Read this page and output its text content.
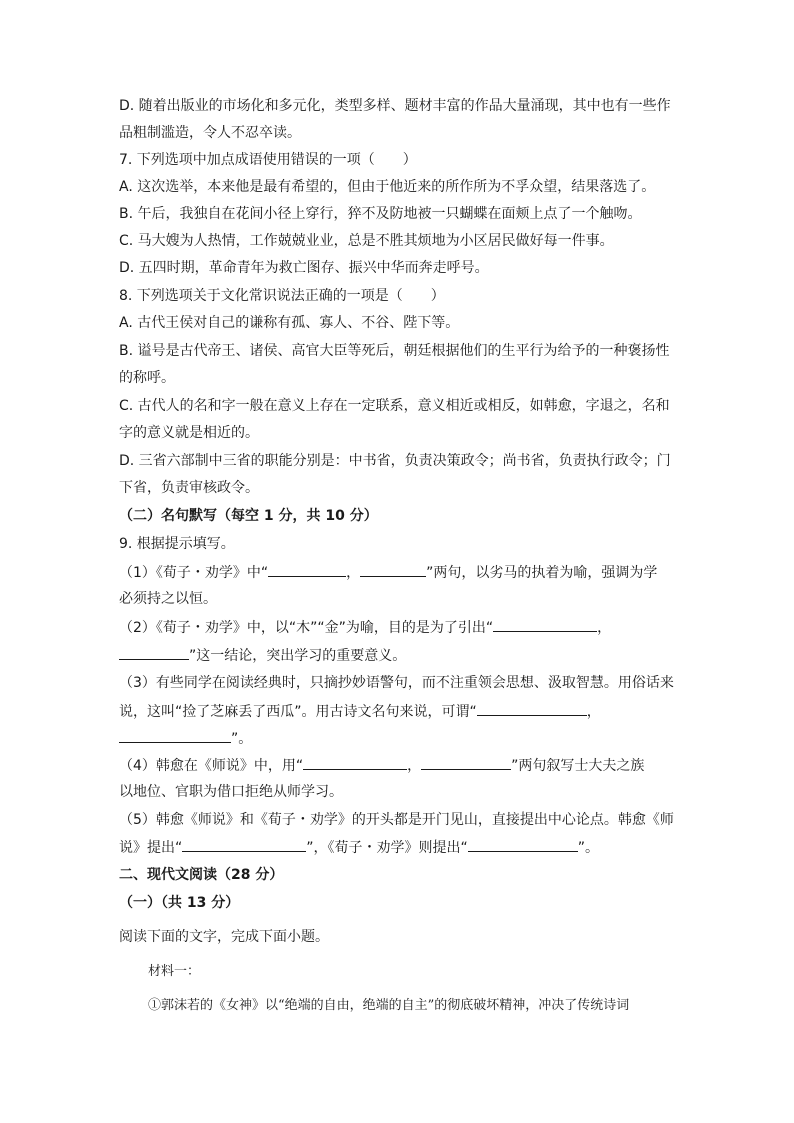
D. 随着出版业的市场化和多元化，类型多样、题材丰富的作品大量涌现，其中也有一些作
品粗制滥造，令人不忍卒读。
7. 下列选项中加点成语使用错误的一项（　　）
A. 这次选举，本来他是最有希望的，但由于他近来的所作所为不孚众望，结果落选了。
B. 午后，我独自在花间小径上穿行，猝不及防地被一只蝴蝶在面颊上点了一个触吻。
C. 马大嫂为人热情，工作兢兢业业，总是不胜其烦地为小区居民做好每一件事。
D. 五四时期，革命青年为救亡图存、振兴中华而奔走呼号。
8. 下列选项关于文化常识说法正确的一项是（　　）
A. 古代王侯对自己的谦称有孤、寡人、不谷、陛下等。
B. 谥号是古代帝王、诸侯、高官大臣等死后，朝廷根据他们的生平行为给予的一种褒扬性
的称呼。
C. 古代人的名和字一般在意义上存在一定联系，意义相近或相反，如韩愈，字退之，名和
字的意义就是相近的。
D. 三省六部制中三省的职能分别是：中书省，负责决策政令；尚书省，负责执行政令；门
下省，负责审核政令。
（二）名句默写（每空 1 分，共 10 分）
9. 根据提示填写。
（1）《荀子・劝学》中“	，	”两句，以劣马的执着为喻，强调为学
必须持之以恒。
（2）《荀子・劝学》中，以“木”“金”为喻，目的是为了引出“	，
”这一结论，突出学习的重要意义。
（3）有些同学在阅读经典时，只摘抄妙语警句，而不注重领会思想、汲取智慧。用俗话来
说，这叫“捡了芝麻丢了西瓜”。用古诗文名句来说，可谓“	，
”。
（4）韩愈在《师说》中，用“	，	”两句叙写士大夫之族
以地位、官职为借口拒绝从师学习。
（5）韩愈《师说》和《荀子・劝学》的开头都是开门见山，直接提出中心论点。韩愈《师
说》提出“	”，《荀子・劝学》则提出“	”。
二、现代文阅读（28 分）
（一）（共 13 分）
阅读下面的文字，完成下面小题。
材料一：
①郭沫若的《女神》以“绝端的自由，绝端的自主”的彻底破坏精神，冲决了传统诗词
